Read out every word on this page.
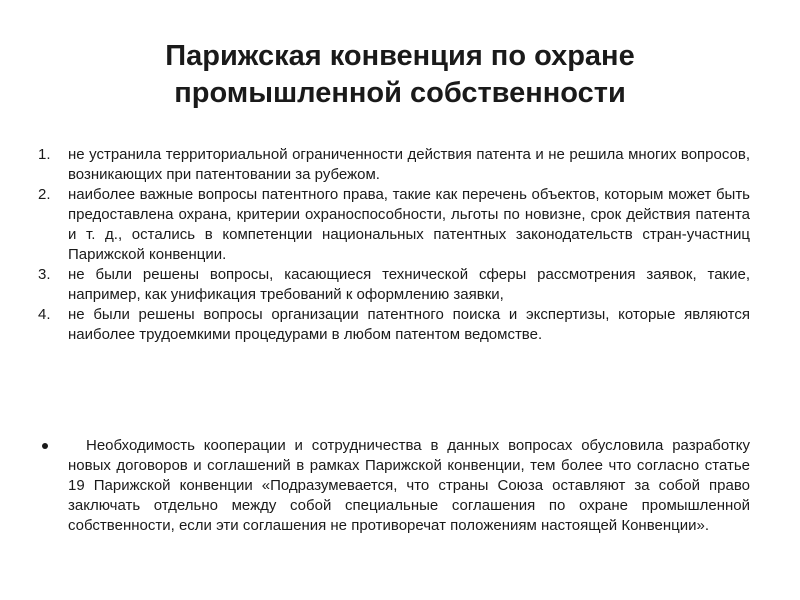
Парижская конвенция по охране промышленной собственности
1. не устранила территориальной ограниченности действия патента и не решила многих вопросов, возникающих при патентовании за рубежом.
2. наиболее важные вопросы патентного права, такие как перечень объектов, которым может быть предоставлена охрана, критерии охраноспособности, льготы по новизне, срок действия патента и т. д., остались в компетенции национальных патентных законодательств стран-участниц Парижской конвенции.
3. не были решены вопросы, касающиеся технической сферы рассмотрения заявок, такие, например, как унификация требований к оформлению заявки,
4. не были решены вопросы организации патентного поиска и экспертизы, которые являются наиболее трудоемкими процедурами в любом патентом ведомстве.
Необходимость кооперации и сотрудничества в данных вопросах обусловила разработку новых договоров и соглашений в рамках Парижской конвенции, тем более что согласно статье 19 Парижской конвенции «Подразумевается, что страны Союза оставляют за собой право заключать отдельно между собой специальные соглашения по охране промышленной собственности, если эти соглашения не противоречат положениям настоящей Конвенции».
